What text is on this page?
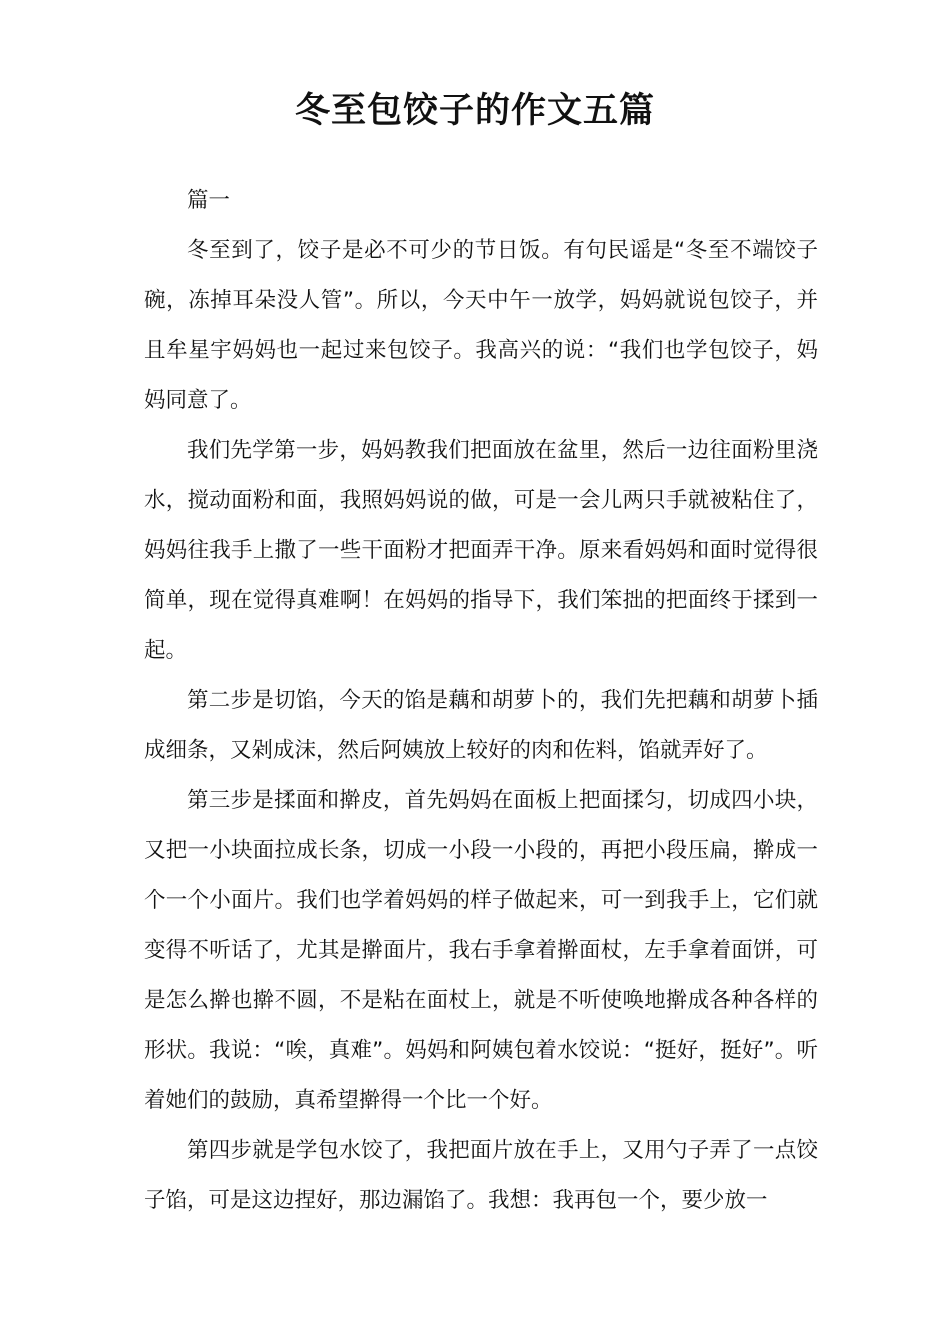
冬至包饺子的作文五篇

篇一

冬至到了，饺子是必不可少的节日饭。有句民谣是“冬至不端饺子碗，冻掉耳朵没人管”。所以，今天中午一放学，妈妈就说包饺子，并且牟星宇妈妈也一起过来包饺子。我高兴的说：“我们也学包饺子，妈妈同意了。

我们先学第一步，妈妈教我们把面放在盆里，然后一边往面粉里浇水，搅动面粉和面，我照妈妈说的做，可是一会儿两只手就被粘住了，妈妈往我手上撒了一些干面粉才把面弄干净。原来看妈妈和面时觉得很简单，现在觉得真难啊！在妈妈的指导下，我们笨拙的把面终于揉到一起。

第二步是切馅，今天的馅是藕和胡萝卜的，我们先把藕和胡萝卜插成细条，又剁成沫，然后阿姨放上较好的肉和佐料，馅就弄好了。

第三步是揉面和擀皮，首先妈妈在面板上把面揉匀，切成四小块，又把一小块面拉成长条，切成一小段一小段的，再把小段压扁，擀成一个一个小面片。我们也学着妈妈的样子做起来，可一到我手上，它们就变得不听话了，尤其是擀面片，我右手拿着擀面杖，左手拿着面饼，可是怎么擀也擀不圆，不是粘在面杖上，就是不听使唤地擀成各种各样的形状。我说：“唉，真难”。妈妈和阿姨包着水饺说：“挺好，挺好”。听着她们的鼓励，真希望擀得一个比一个好。

第四步就是学包水饺了，我把面片放在手上，又用勺子弄了一点饺子馅，可是这边捏好，那边漏馅了。我想：我再包一个，要少放一
